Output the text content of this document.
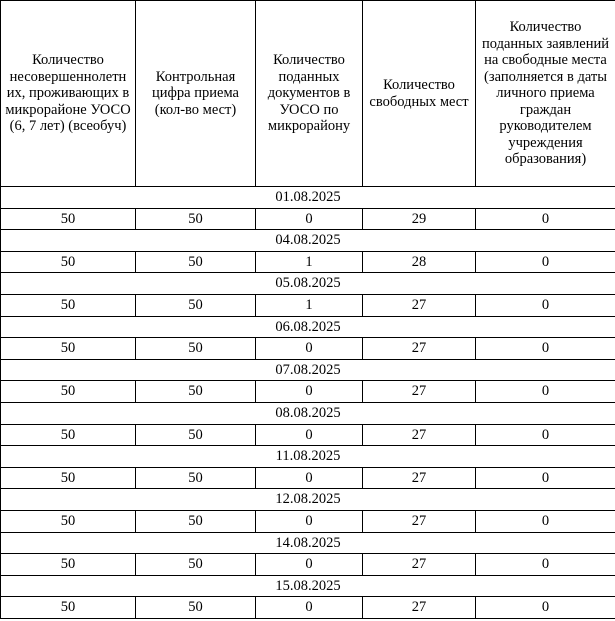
Количество несовершеннолетн их, проживающих в микрорайоне УОСО (6, 7 лет) (всеобуч)	Контрольная цифра приема (кол-во мест)	Количество поданных документов в УОСО по микрорайону	Количество свободных мест	Количество поданных заявлений на свободные места (заполняется в даты личного приема граждан руководителем учреждения образования)
01.08.2025				
50	50	0	29	0
04.08.2025				
50	50	1	28	0
05.08.2025				
50	50	1	27	0
06.08.2025				
50	50	0	27	0
07.08.2025				
50	50	0	27	0
08.08.2025				
50	50	0	27	0
11.08.2025				
50	50	0	27	0
12.08.2025				
50	50	0	27	0
14.08.2025				
50	50	0	27	0
15.08.2025				
50	50	0	27	0
